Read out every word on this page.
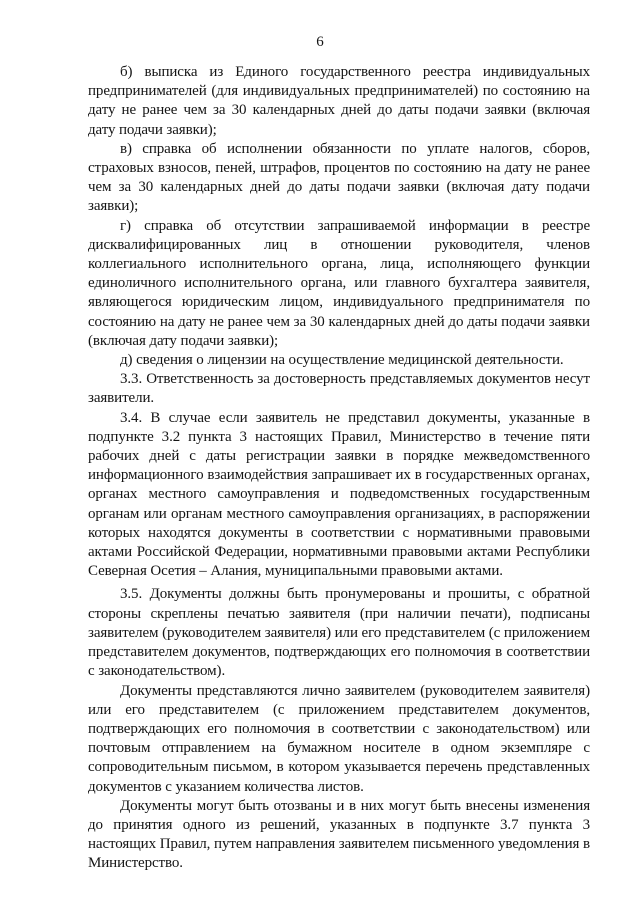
6

б) выписка из Единого государственного реестра индивидуальных предпринимателей (для индивидуальных предпринимателей) по состоянию на дату не ранее чем за 30 календарных дней до даты подачи заявки (включая дату подачи заявки);

в) справка об исполнении обязанности по уплате налогов, сборов, страховых взносов, пеней, штрафов, процентов по состоянию на дату не ранее чем за 30 календарных дней до даты подачи заявки (включая дату подачи заявки);

г) справка об отсутствии запрашиваемой информации в реестре дисквалифицированных лиц в отношении руководителя, членов коллегиального исполнительного органа, лица, исполняющего функции единоличного исполнительного органа, или главного бухгалтера заявителя, являющегося юридическим лицом, индивидуального предпринимателя по состоянию на дату не ранее чем за 30 календарных дней до даты подачи заявки (включая дату подачи заявки);

д) сведения о лицензии на осуществление медицинской деятельности.

3.3. Ответственность за достоверность представляемых документов несут заявители.

3.4. В случае если заявитель не представил документы, указанные в подпункте 3.2 пункта 3 настоящих Правил, Министерство в течение пяти рабочих дней с даты регистрации заявки в порядке межведомственного информационного взаимодействия запрашивает их в государственных органах, органах местного самоуправления и подведомственных государственным органам или органам местного самоуправления организациях, в распоряжении которых находятся документы в соответствии с нормативными правовыми актами Российской Федерации, нормативными правовыми актами Республики Северная Осетия – Алания, муниципальными правовыми актами.

3.5. Документы должны быть пронумерованы и прошиты, с обратной стороны скреплены печатью заявителя (при наличии печати), подписаны заявителем (руководителем заявителя) или его представителем (с приложением представителем документов, подтверждающих его полномочия в соответствии с законодательством).

Документы представляются лично заявителем (руководителем заявителя) или его представителем (с приложением представителем документов, подтверждающих его полномочия в соответствии с законодательством) или почтовым отправлением на бумажном носителе в одном экземпляре с сопроводительным письмом, в котором указывается перечень представленных документов с указанием количества листов.

Документы могут быть отозваны и в них могут быть внесены изменения до принятия одного из решений, указанных в подпункте 3.7 пункта 3 настоящих Правил, путем направления заявителем письменного уведомления в Министерство.
